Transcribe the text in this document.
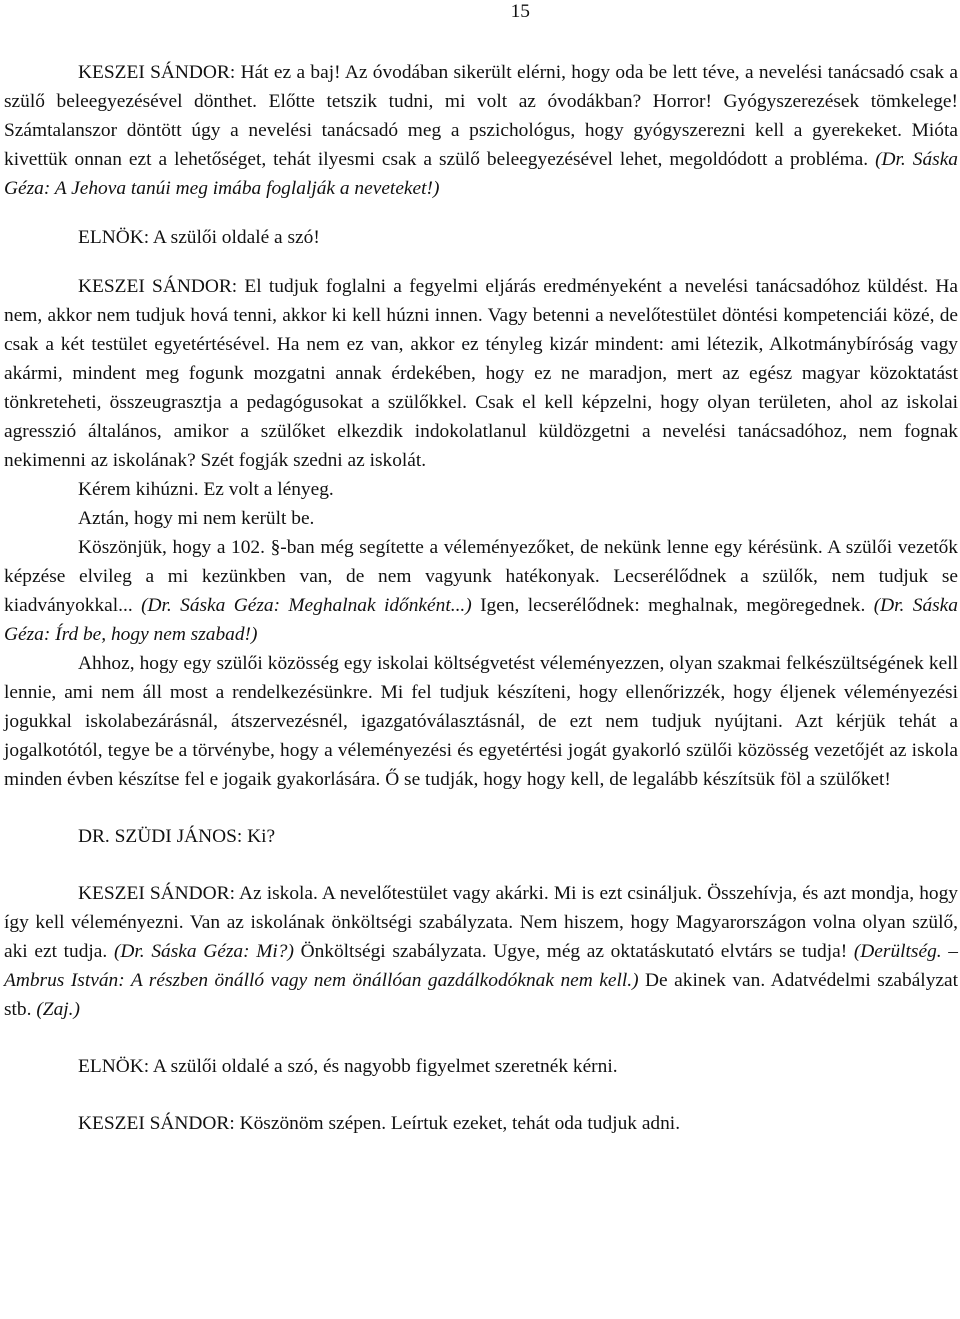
15

KESZEI SÁNDOR: Hát ez a baj! Az óvodában sikerült elérni, hogy oda be lett téve, a nevelési tanácsadó csak a szülő beleegyezésével dönthet. Előtte tetszik tudni, mi volt az óvodákban? Horror! Gyógyszerezések tömkelege! Számtalanszor döntött úgy a nevelési tanácsadó meg a pszichológus, hogy gyógyszerezni kell a gyerekeket. Mióta kivettük onnan ezt a lehetőséget, tehát ilyesmi csak a szülő beleegyezésével lehet, megoldódott a probléma. (Dr. Sáska Géza: A Jehova tanúi meg imába foglalják a neveteket!)

ELNÖK: A szülői oldalé a szó!

KESZEI SÁNDOR: El tudjuk foglalni a fegyelmi eljárás eredményeként a nevelési tanácsadóhoz küldést. Ha nem, akkor nem tudjuk hová tenni, akkor ki kell húzni innen. Vagy betenni a nevelőtestület döntési kompetenciái közé, de csak a két testület egyetértésével. Ha nem ez van, akkor ez tényleg kizár mindent: ami létezik, Alkotmánybíróság vagy akármi, mindent meg fogunk mozgatni annak érdekében, hogy ez ne maradjon, mert az egész magyar közoktatást tönkreteheti, összeugrasztja a pedagógusokat a szülőkkel. Csak el kell képzelni, hogy olyan területen, ahol az iskolai agresszió általános, amikor a szülőket elkezdik indokolatlanul küldözgetni a nevelési tanácsadóhoz, nem fognak nekimenni az iskolának? Szét fogják szedni az iskolát.

Kérem kihúzni. Ez volt a lényeg.

Aztán, hogy mi nem került be.

Köszönjük, hogy a 102. §-ban még segítette a véleményezőket, de nekünk lenne egy kérésünk. A szülői vezetők képzése elvileg a mi kezünkben van, de nem vagyunk hatékonyak. Lecserélődnek a szülők, nem tudjuk se kiadványokkal... (Dr. Sáska Géza: Meghalnak időnként...) Igen, lecserélődnek: meghalnak, megöregednek. (Dr. Sáska Géza: Írd be, hogy nem szabad!)

Ahhoz, hogy egy szülői közösség egy iskolai költségvetést véleményezzen, olyan szakmai felkészültségének kell lennie, ami nem áll most a rendelkezésünkre. Mi fel tudjuk készíteni, hogy ellenőrizzék, hogy éljenek véleményezési jogukkal iskolabezárásnál, átszervezésnél, igazgatóválasztásnál, de ezt nem tudjuk nyújtani. Azt kérjük tehát a jogalkotótól, tegye be a törvénybe, hogy a véleményezési és egyetértési jogát gyakorló szülői közösség vezetőjét az iskola minden évben készítse fel e jogaik gyakorlására. Ő se tudják, hogy hogy kell, de legalább készítsük föl a szülőket!

DR. SZÜDI JÁNOS: Ki?

KESZEI SÁNDOR: Az iskola. A nevelőtestület vagy akárki. Mi is ezt csináljuk. Összehívja, és azt mondja, hogy így kell véleményezni. Van az iskolának önköltségi szabályzata. Nem hiszem, hogy Magyarországon volna olyan szülő, aki ezt tudja. (Dr. Sáska Géza: Mi?) Önköltségi szabályzata. Ugye, még az oktatáskutató elvtárs se tudja! (Derültség. – Ambrus István: A részben önálló vagy nem önállóan gazdálkodóknak nem kell.) De akinek van. Adatvédelmi szabályzat stb. (Zaj.)

ELNÖK: A szülői oldalé a szó, és nagyobb figyelmet szeretnék kérni.

KESZEI SÁNDOR: Köszönöm szépen. Leírtuk ezeket, tehát oda tudjuk adni.
